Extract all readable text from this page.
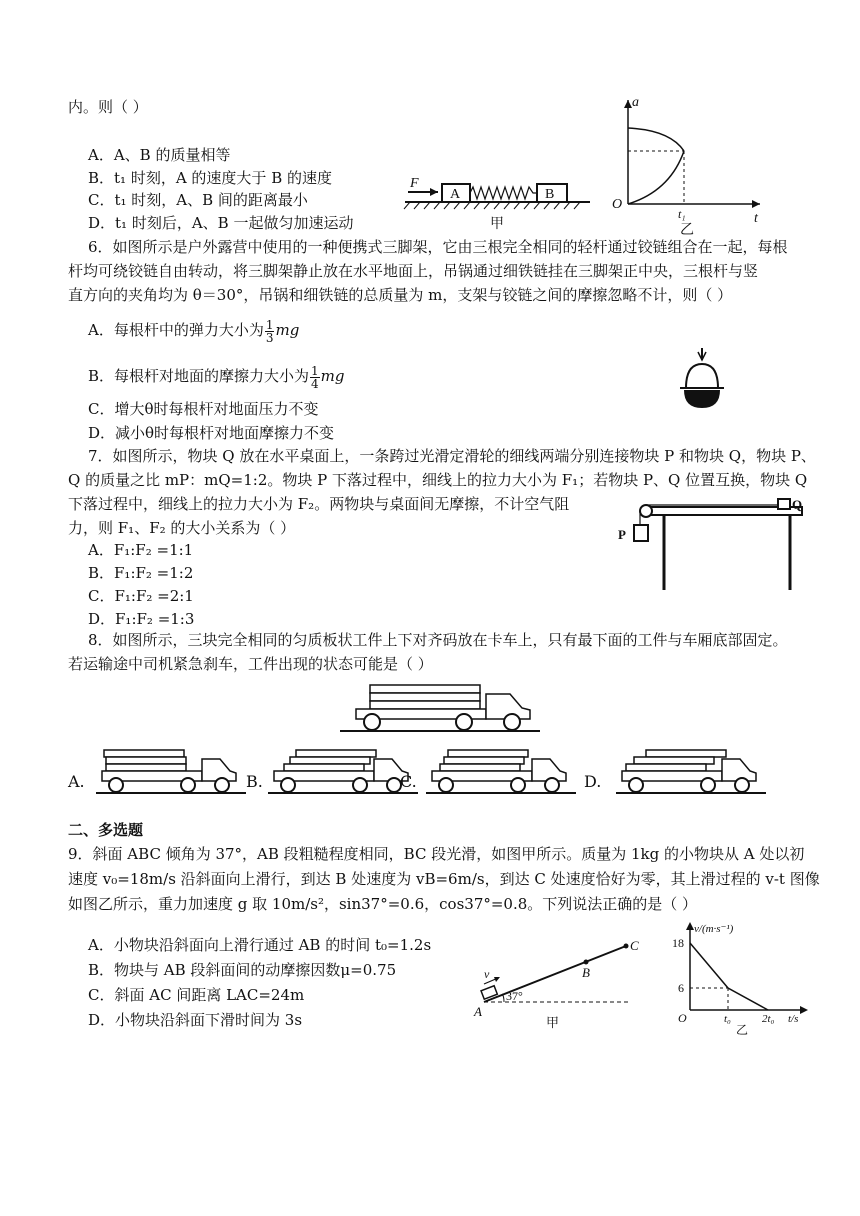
内。则（ ）
A．A、B 的质量相等
B．t₁ 时刻，A 的速度大于 B 的速度
C．t₁ 时刻，A、B 间的距离最小
D．t₁ 时刻后，A、B 一起做匀加速运动
F
A	B
甲
a
O
t
t₁
乙
6．如图所示是户外露营中使用的一种便携式三脚架，它由三根完全相同的轻杆通过铰链组合在一起，每根
杆均可绕铰链自由转动，将三脚架静止放在水平地面上，吊锅通过细铁链挂在三脚架正中央，三根杆与竖
直方向的夹角均为 θ＝30°，吊锅和细铁链的总质量为 m，支架与铰链之间的摩擦忽略不计，则（ ）
A．每根杆中的弹力大小为 $\frac{1}{3}$ mg
B．每根杆对地面的摩擦力大小为 $\frac{1}{4}$ mg
C．增大θ时每根杆对地面压力不变
D．减小θ时每根杆对地面摩擦力不变
7．如图所示，物块 Q 放在水平桌面上，一条跨过光滑定滑轮的细线两端分别连接物块 P 和物块 Q，物块 P、
Q 的质量之比 mP：mQ=1:2。物块 P 下落过程中，细线上的拉力大小为 F₁；若物块 P、Q 位置互换，物块 Q
下落过程中，细线上的拉力大小为 F₂。两物块与桌面间无摩擦，不计空气阻
力，则 F₁、F₂ 的大小关系为（ ）
A．F₁:F₂ =1:1
B．F₁:F₂ =1:2
C．F₁:F₂ =2:1
D．F₁:F₂ =1:3
Q
P
8．如图所示，三块完全相同的匀质板状工件上下对齐码放在卡车上，只有最下面的工件与车厢底部固定。
若运输途中司机紧急刹车，工件出现的状态可能是（ ）
A.	B.	C.	D.
二、多选题
9．斜面 ABC 倾角为 37°，AB 段粗糙程度相同，BC 段光滑，如图甲所示。质量为 1kg 的小物块从 A 处以初
速度 v₀=18m/s 沿斜面向上滑行，到达 B 处速度为 vB=6m/s，到达 C 处速度恰好为零，其上滑过程的 v-t 图像
如图乙所示，重力加速度 g 取 10m/s²，sin37°=0.6，cos37°=0.8。下列说法正确的是（ ）
A．小物块沿斜面向上滑行通过 AB 的时间 t₀=1.2s
B．物块与 AB 段斜面间的动摩擦因数μ=0.75
C．斜面 AC 间距离 LAC=24m
D．小物块沿斜面下滑时间为 3s
B
C
A
v
37°
甲
v/(m·s⁻¹)
18
6
O	t₀	2t₀ t/s
乙
